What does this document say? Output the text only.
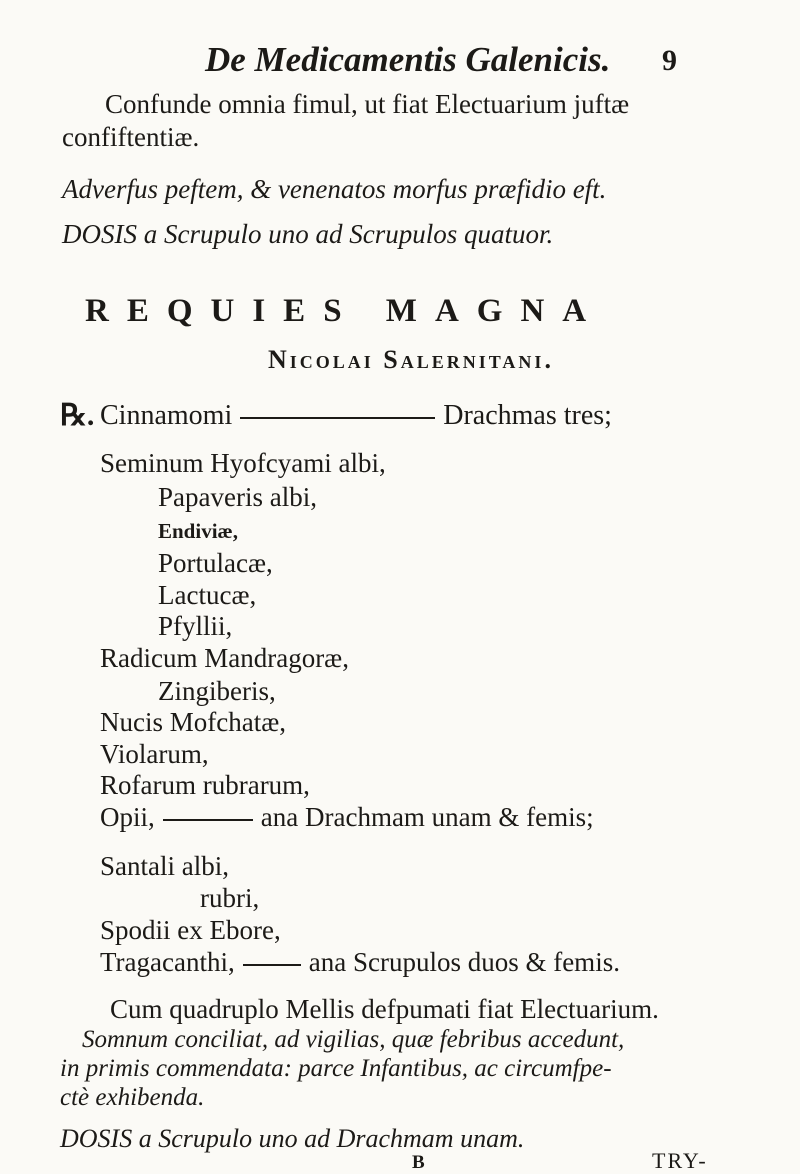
De Medicamentis Galenicis. 9
Confunde omnia fimul, ut fiat Electuarium juftæ
confiftentiæ.
Adverfus peftem, & venenatos morfus præfidio eft.
DOSIS a Scrupulo uno ad Scrupulos quatuor.
REQUIES MAGNA
Nicolai Salernitani.
℞. Cinnamomi	Drachmas tres;
Seminum Hyofcyami albi,
Papaveris albi,
Endiviæ,
Portulacæ,
Lactucæ,
Pfyllii,
Radicum Mandragoræ,
Zingiberis,
Nucis Mofchatæ,
Violarum,
Rofarum rubrarum,
Opii,	ana Drachmam unam & femis;
Santali albi,
rubri,
Spodii ex Ebore,
Tragacanthi,	ana Scrupulos duos & femis.
Cum quadruplo Mellis defpumati fiat Electuarium.
Somnum conciliat, ad vigilias, quæ febribus accedunt,
in primis commendata: parce Infantibus, ac circumfpe-
ctè exhibenda.
DOSIS a Scrupulo uno ad Drachmam unam.
B	TRY-
